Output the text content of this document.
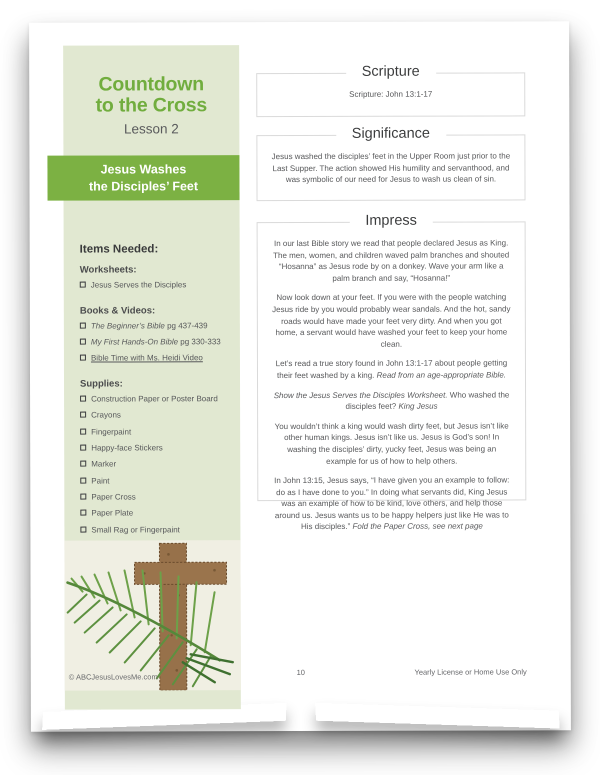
Countdown
to the Cross
Lesson 2
Items Needed:
Worksheets:
Jesus Serves the Disciples
Books & Videos:
The Beginner’s Bible pg 437-439
My First Hands-On Bible pg 330-333
Bible Time with Ms. Heidi Video
Supplies:
Construction Paper or Poster Board
Crayons
Fingerpaint
Happy-face Stickers
Marker
Paint
Paper Cross
Paper Plate
Small Rag or Fingerpaint
© ABCJesusLovesMe.com
Jesus Washes
the Disciples’ Feet
Scripture
Scripture: John 13:1-17
Significance
Jesus washed the disciples’ feet in the Upper Room just prior to the Last Supper. The action showed His humility and servanthood, and was symbolic of our need for Jesus to wash us clean of sin.
Impress

In our last Bible story we read that people declared Jesus as King. The men, women, and children waved palm branches and shouted “Hosanna” as Jesus rode by on a donkey. Wave your arm like a palm branch and say, “Hosanna!”

Now look down at your feet. If you were with the people watching Jesus ride by you would probably wear sandals. And the hot, sandy roads would have made your feet very dirty. And when you got home, a servant would have washed your feet to keep your home clean.

Let’s read a true story found in John 13:1-17 about people getting their feet washed by a king. Read from an age-appropriate Bible.

Show the Jesus Serves the Disciples Worksheet. Who washed the disciples feet? King Jesus

You wouldn’t think a king would wash dirty feet, but Jesus isn’t like other human kings. Jesus isn’t like us. Jesus is God’s son! In washing the disciples’ dirty, yucky feet, Jesus was being an example for us of how to help others.

In John 13:15, Jesus says, “I have given you an example to follow: do as I have done to you.” In doing what servants did, King Jesus was an example of how to be kind, love others, and help those around us. Jesus wants us to be happy helpers just like He was to His disciples.” Fold the Paper Cross, see next page

10	Yearly License or Home Use Only
